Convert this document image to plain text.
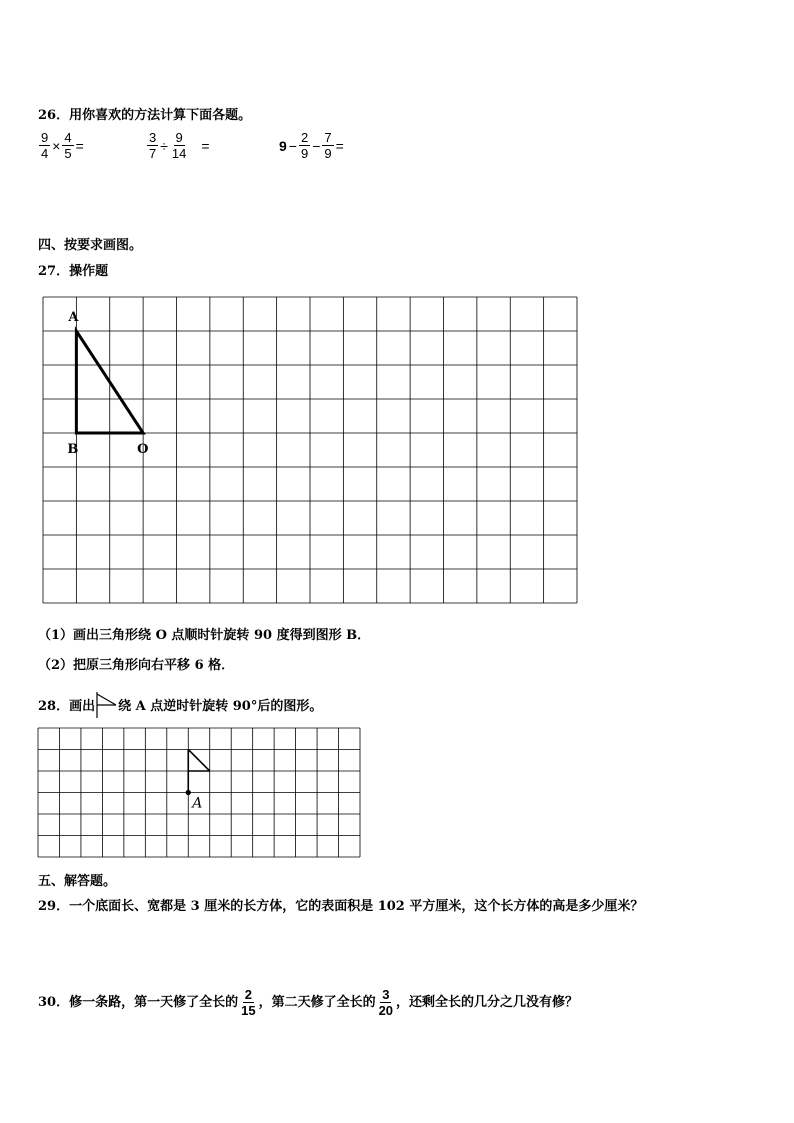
26．用你喜欢的方法计算下面各题。
$\frac{9}{4} \times \frac{4}{5}$ =	$\frac{3}{7} \div \frac{9}{14}$ =	$9 - \frac{2}{9} - \frac{7}{9}$ =
四、按要求画图。
27．操作题
A
B	O
（1）画出三角形绕 O 点顺时针旋转 90 度得到图形 B．
（2）把原三角形向右平移 6 格．
28．画出 绕 A 点逆时针旋转 90°后的图形。
A
五、解答题。
29．一个底面长、宽都是 3 厘米的长方体，它的表面积是 102 平方厘米，这个长方体的高是多少厘米？
30．修一条路，第一天修了全长的 $\frac{2}{15}$ ，第二天修了全长的 $\frac{3}{20}$ ，还剩全长的几分之几没有修？
